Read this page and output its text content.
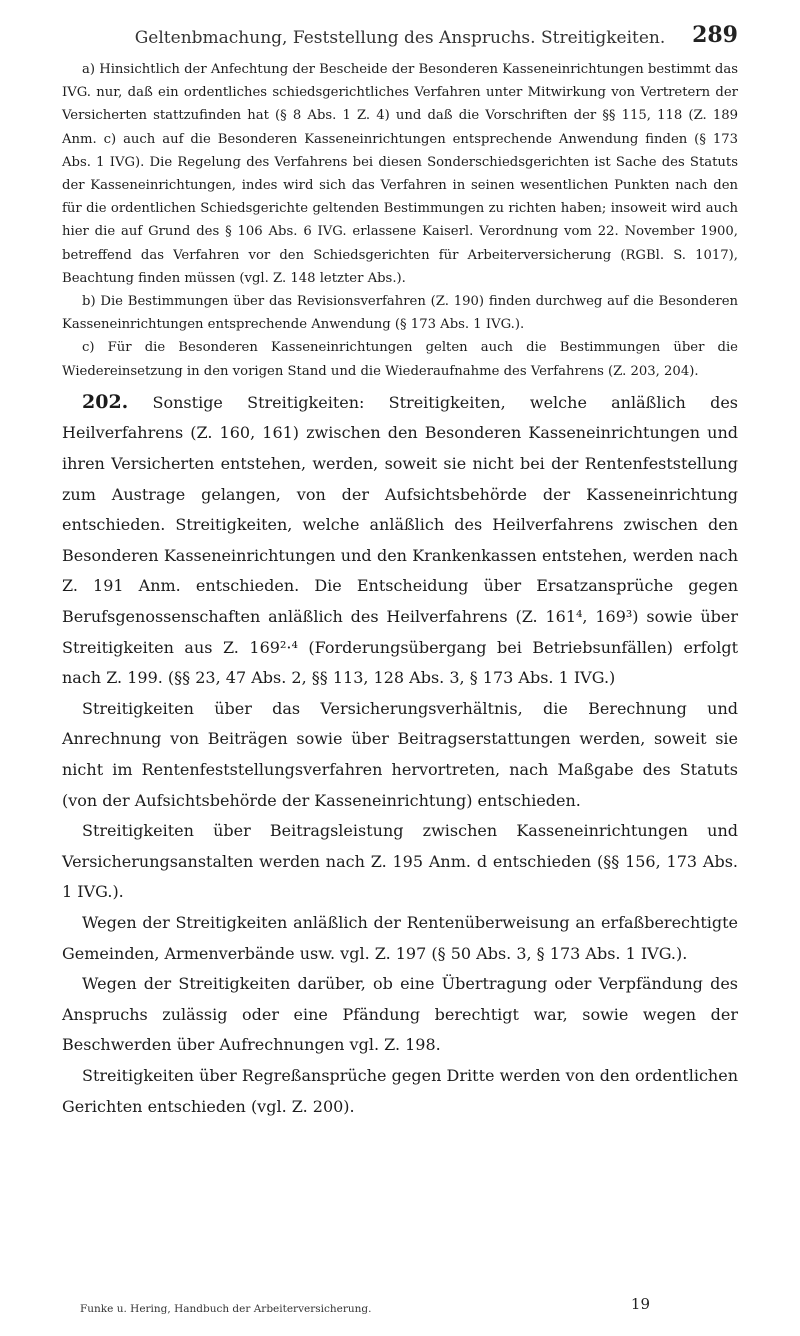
Geltenbmachung, Feststellung des Anspruchs. Streitigkeiten.	289

a) Hinsichtlich der Anfechtung der Bescheide der Besonderen Kasseneinrichtungen bestimmt das IVG. nur, daß ein ordentliches schiedsgerichtliches Verfahren unter Mitwirkung von Vertretern der Versicherten stattzufinden hat (§ 8 Abs. 1 Z. 4) und daß die Vorschriften der §§ 115, 118 (Z. 189 Anm. c) auch auf die Besonderen Kasseneinrichtungen entsprechende Anwendung finden (§ 173 Abs. 1 IVG). Die Regelung des Verfahrens bei diesen Sonderschiedsgerichten ist Sache des Statuts der Kasseneinrichtungen, indes wird sich das Verfahren in seinen wesentlichen Punkten nach den für die ordentlichen Schiedsgerichte geltenden Bestimmungen zu richten haben; insoweit wird auch hier die auf Grund des § 106 Abs. 6 IVG. erlassene Kaiserl. Verordnung vom 22. November 1900, betreffend das Verfahren vor den Schiedsgerichten für Arbeiterversicherung (RGBl. S. 1017), Beachtung finden müssen (vgl. Z. 148 letzter Abs.).

b) Die Bestimmungen über das Revisionsverfahren (Z. 190) finden durchweg auf die Besonderen Kasseneinrichtungen entsprechende Anwendung (§ 173 Abs. 1 IVG.).

c) Für die Besonderen Kasseneinrichtungen gelten auch die Bestimmungen über die Wiedereinsetzung in den vorigen Stand und die Wiederaufnahme des Verfahrens (Z. 203, 204).

202. Sonstige Streitigkeiten: Streitigkeiten, welche anläßlich des Heilverfahrens (Z. 160, 161) zwischen den Besonderen Kasseneinrichtungen und ihren Versicherten entstehen, werden, soweit sie nicht bei der Rentenfeststellung zum Austrage gelangen, von der Aufsichtsbehörde der Kasseneinrichtung entschieden. Streitigkeiten, welche anläßlich des Heilverfahrens zwischen den Besonderen Kasseneinrichtungen und den Krankenkassen entstehen, werden nach Z. 191 Anm. entschieden. Die Entscheidung über Ersatzansprüche gegen Berufsgenossenschaften anläßlich des Heilverfahrens (Z. 161⁴, 169³) sowie über Streitigkeiten aus Z. 169²·⁴ (Forderungsübergang bei Betriebsunfällen) erfolgt nach Z. 199. (§§ 23, 47 Abs. 2, §§ 113, 128 Abs. 3, § 173 Abs. 1 IVG.)

Streitigkeiten über das Versicherungsverhältnis, die Berechnung und Anrechnung von Beiträgen sowie über Beitragserstattungen werden, soweit sie nicht im Rentenfeststellungsverfahren hervortreten, nach Maßgabe des Statuts (von der Aufsichtsbehörde der Kasseneinrichtung) entschieden.

Streitigkeiten über Beitragsleistung zwischen Kasseneinrichtungen und Versicherungsanstalten werden nach Z. 195 Anm. d entschieden (§§ 156, 173 Abs. 1 IVG.).

Wegen der Streitigkeiten anläßlich der Rentenüberweisung an erfaßberechtigte Gemeinden, Armenverbände usw. vgl. Z. 197 (§ 50 Abs. 3, § 173 Abs. 1 IVG.).

Wegen der Streitigkeiten darüber, ob eine Übertragung oder Verpfändung des Anspruchs zulässig oder eine Pfändung berechtigt war, sowie wegen der Beschwerden über Aufrechnungen vgl. Z. 198.

Streitigkeiten über Regreßansprüche gegen Dritte werden von den ordentlichen Gerichten entschieden (vgl. Z. 200).

Funke u. Hering, Handbuch der Arbeiterversicherung.	19
